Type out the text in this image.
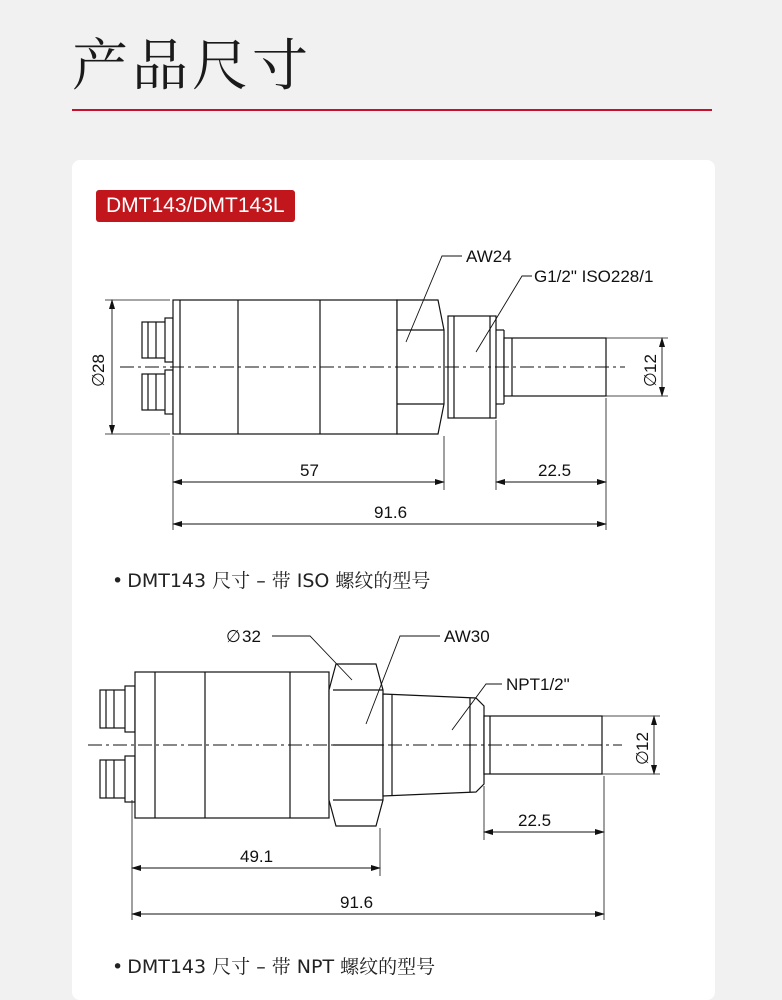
产品尺寸
DMT143/DMT143L
AW24
G1/2" ISO228/1
∅
28
∅
12
57	22.5
91.6
∅ 32	AW30
NPT1/2"
∅
12
22.5
49.1
91.6
• DMT143 尺寸 – 带 ISO 螺纹的型号
• DMT143 尺寸 – 带 NPT 螺纹的型号
